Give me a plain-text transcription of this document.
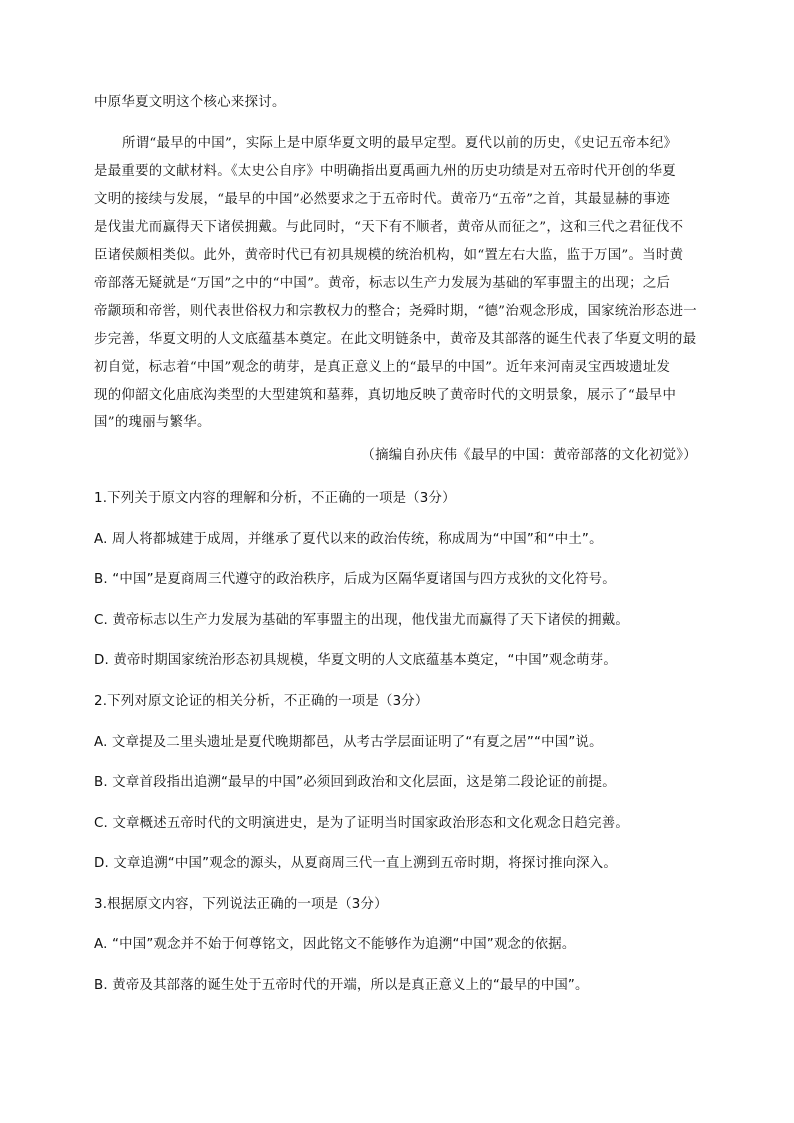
中原华夏文明这个核心来探讨。
所谓“最早的中国”，实际上是中原华夏文明的最早定型。夏代以前的历史，《史记五帝本纪》
是最重要的文献材料。《太史公自序》中明确指出夏禹画九州的历史功绩是对五帝时代开创的华夏
文明的接续与发展，“最早的中国”必然要求之于五帝时代。黄帝乃“五帝”之首，其最显赫的事迹
是伐蚩尤而赢得天下诸侯拥戴。与此同时，“天下有不顺者，黄帝从而征之”，这和三代之君征伐不
臣诸侯颇相类似。此外，黄帝时代已有初具规模的统治机构，如“置左右大监，监于万国”。当时黄
帝部落无疑就是“万国”之中的“中国”。黄帝，标志以生产力发展为基础的军事盟主的出现；之后
帝颛顼和帝喾，则代表世俗权力和宗教权力的整合；尧舜时期，“德”治观念形成，国家统治形态进一
步完善，华夏文明的人文底蕴基本奠定。在此文明链条中，黄帝及其部落的诞生代表了华夏文明的最
初自觉，标志着“中国”观念的萌芽，是真正意义上的“最早的中国”。近年来河南灵宝西坡遗址发
现的仰韶文化庙底沟类型的大型建筑和墓葬，真切地反映了黄帝时代的文明景象，展示了“最早中
国”的瑰丽与繁华。
（摘编自孙庆伟《最早的中国：黄帝部落的文化初觉》）
1.下列关于原文内容的理解和分析，不正确的一项是（3分）
A. 周人将都城建于成周，并继承了夏代以来的政治传统，称成周为“中国”和“中土”。
B. “中国”是夏商周三代遵守的政治秩序，后成为区隔华夏诸国与四方戎狄的文化符号。
C. 黄帝标志以生产力发展为基础的军事盟主的出现，他伐蚩尤而赢得了天下诸侯的拥戴。
D. 黄帝时期国家统治形态初具规模，华夏文明的人文底蕴基本奠定，“中国”观念萌芽。
2.下列对原文论证的相关分析，不正确的一项是（3分）
A. 文章提及二里头遗址是夏代晚期都邑，从考古学层面证明了“有夏之居”“中国”说。
B. 文章首段指出追溯“最早的中国”必须回到政治和文化层面，这是第二段论证的前提。
C. 文章概述五帝时代的文明演进史，是为了证明当时国家政治形态和文化观念日趋完善。
D. 文章追溯“中国”观念的源头，从夏商周三代一直上溯到五帝时期，将探讨推向深入。
3.根据原文内容，下列说法正确的一项是（3分）
A. “中国”观念并不始于何尊铭文，因此铭文不能够作为追溯“中国”观念的依据。
B. 黄帝及其部落的诞生处于五帝时代的开端，所以是真正意义上的“最早的中国”。
